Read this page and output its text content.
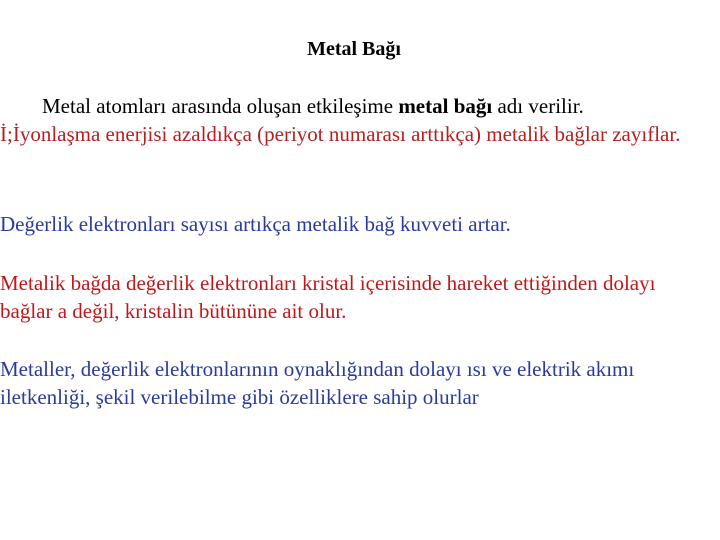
Metal Bağı

Metal atomları arasında oluşan etkileşime metal bağı adı verilir.
İ;İyonlaşma enerjisi azaldıkça (periyot numarası arttıkça) metalik bağlar zayıflar.

Değerlik elektronları sayısı artıkça metalik bağ kuvveti artar.

Metalik bağda değerlik elektronları kristal içerisinde hareket ettiğinden dolayı bağlar a değil, kristalin bütününe ait olur.

Metaller, değerlik elektronlarının oynaklığından dolayı ısı ve elektrik akımı iletkenliği, şekil verilebilme gibi özelliklere sahip olurlar
